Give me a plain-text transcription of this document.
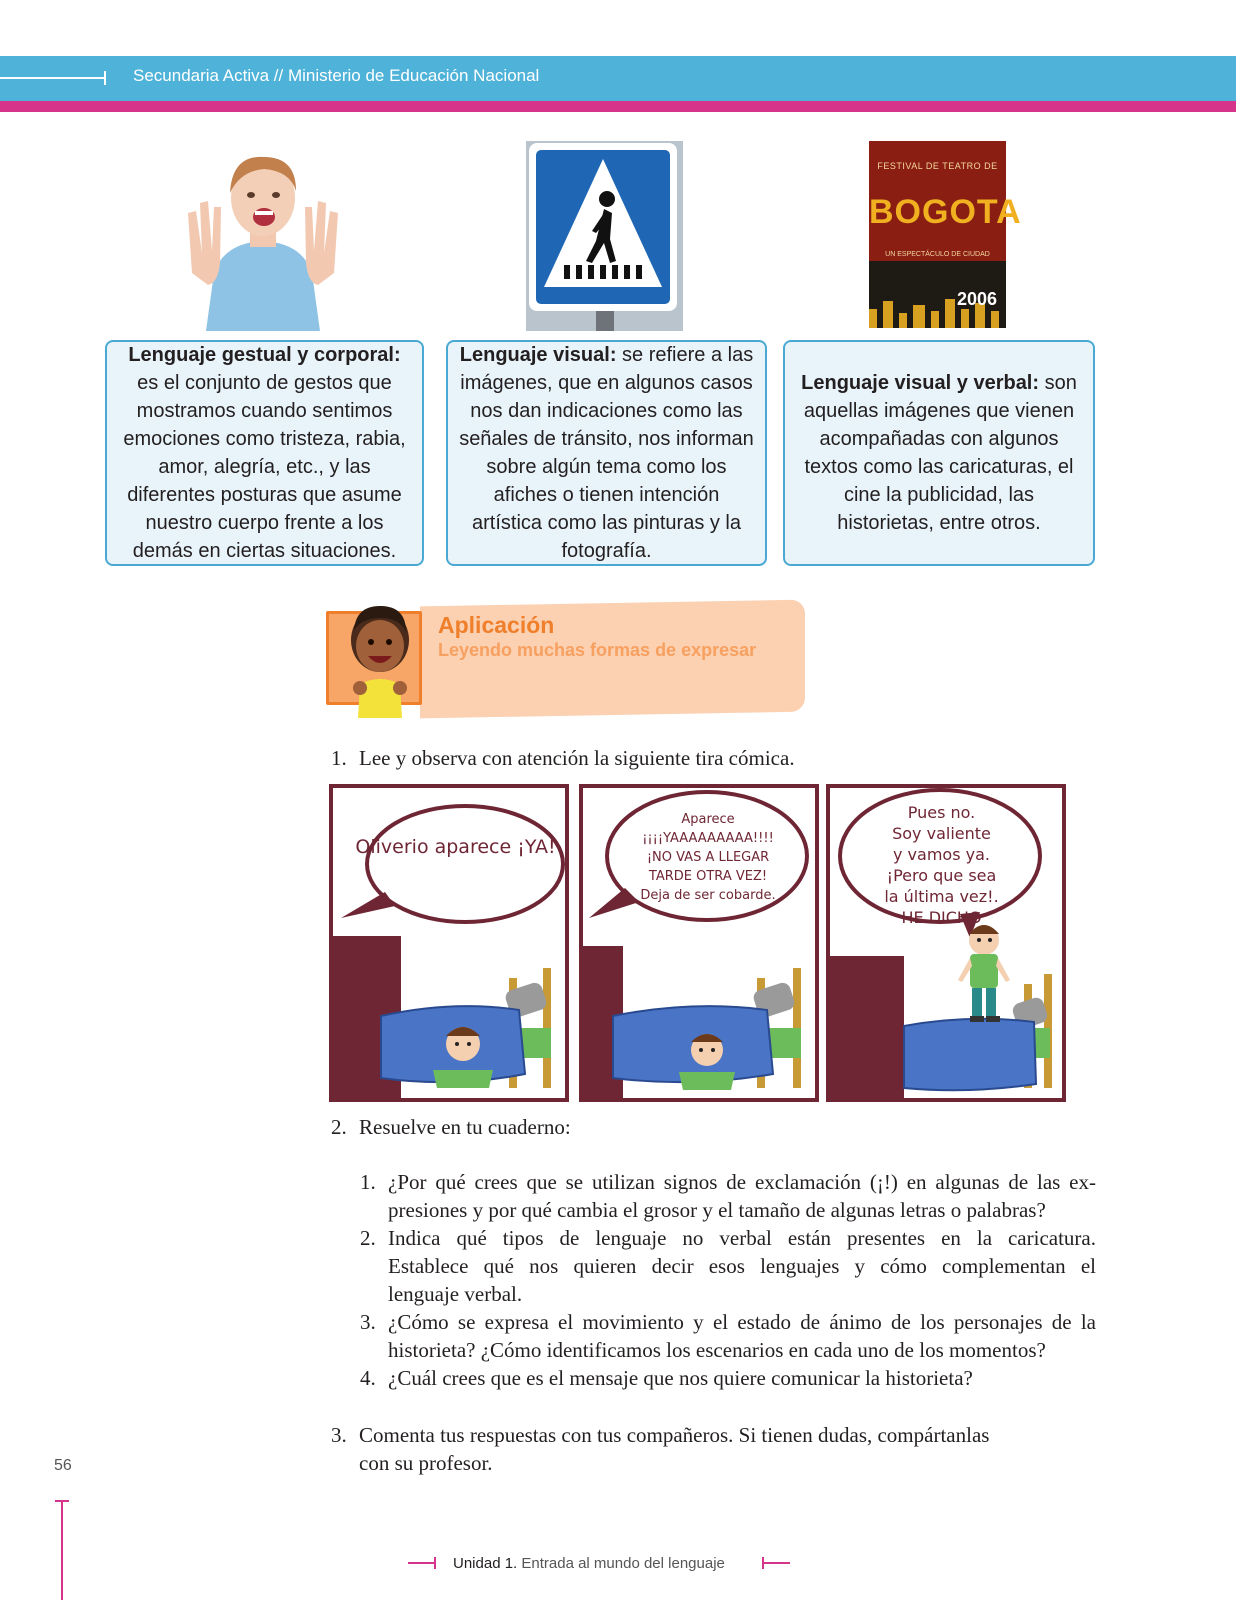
Secundaria Activa // Ministerio de Educación Nacional
FESTIVAL DE TEATRO DE
BOGOTA
UN ESPECTÁCULO DE CIUDAD
2006
Lenguaje gestual y corporal: es el conjunto de gestos que mostramos cuando sentimos emociones como tristeza, rabia, amor, alegría, etc., y las diferentes posturas que asume nuestro cuerpo frente a los demás en ciertas situaciones.
Lenguaje visual: se refiere a las imágenes, que en algunos casos nos dan indicaciones como las señales de tránsito, nos informan sobre algún tema como los afiches o tienen intención artística como las pinturas y la fotografía.
Lenguaje visual y verbal: son aquellas imágenes que vienen acompañadas con algunos textos como las caricaturas, el cine la publicidad, las historietas, entre otros.
Aplicación
Leyendo muchas formas de expresar
1. Lee y observa con atención la siguiente tira cómica.
Oliverio aparece ¡YA!
Aparece
¡¡¡¡YAAAAAAAAA!!!!
¡NO VAS A LLEGAR
TARDE OTRA VEZ!
Deja de ser cobarde.
Pues no.
Soy valiente
y vamos ya.
¡Pero que sea
la última vez!.
HE DICHO
2. Resuelve en tu cuaderno:
1. ¿Por qué crees que se utilizan signos de exclamación (¡!) en algunas de las ex-
presiones y por qué cambia el grosor y el tamaño de algunas letras o palabras?
2. Indica qué tipos de lenguaje no verbal están presentes en la caricatura.
Establece qué nos quieren decir esos lenguajes y cómo complementan el
lenguaje verbal.
3. ¿Cómo se expresa el movimiento y el estado de ánimo de los personajes de la
historieta? ¿Cómo identificamos los escenarios en cada uno de los momentos?
4. ¿Cuál crees que es el mensaje que nos quiere comunicar la historieta?
3. Comenta tus respuestas con tus compañeros. Si tienen dudas, compártanlas
con su profesor.
56
Unidad 1. Entrada al mundo del lenguaje
